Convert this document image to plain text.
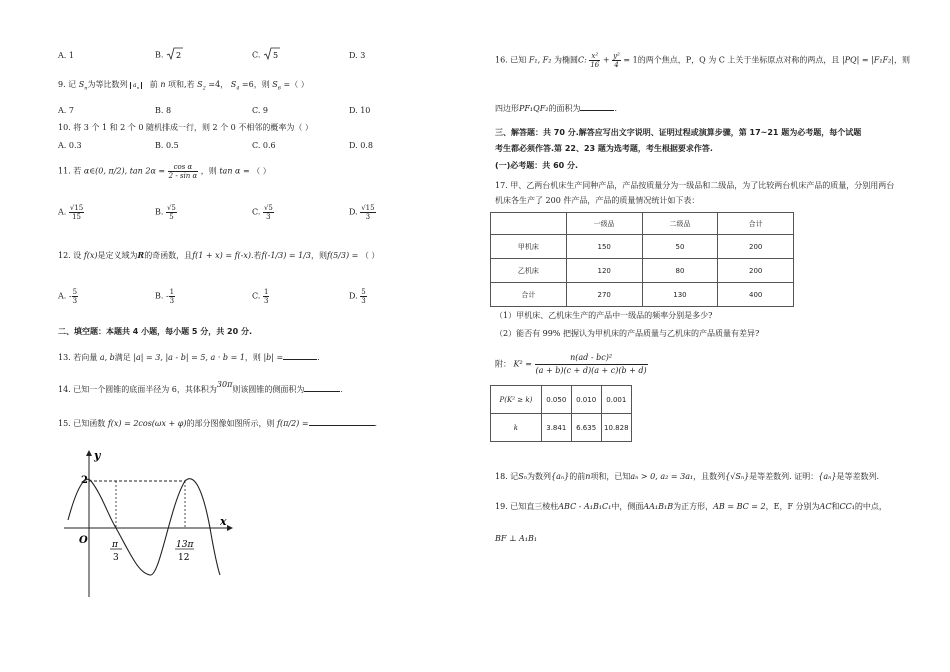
A. 1	B. 2	C. 5	D. 3
9. 记 $S_n$为等比数列 $a_n$ 前 n 项和,若 $S_2 =4$， $S_4 =6$，则 $S_6$ =（ ）
A. 7	B. 8	C. 9	D. 10
10. 将 3 个 1 和 2 个 0 随机排成一行，则 2 个 0 不相邻的概率为（ ）
A. 0.3	B. 0.5	C. 0.6	D. 0.8
11. 若 α∈(0, π/2), $\tan 2\alpha = \frac{\text{cos α}}{\text{2 - sin α}}$ ，则 tan α = （ ）
A. $\frac{√15}{15}$	B. $\frac{√5}{5}$	C. $\frac{√5}{3}$	D. $\frac{√15}{3}$
12. 设 f(x)是定义域为R的奇函数，且f(1 + x) = f(-x).若f(-1/3) = 1/3，则f(5/3) = （ ）
A. - $\frac{5}{3}$	B. - $\frac{1}{3}$	C. $\frac{1}{3}$	D. $\frac{5}{3}$
二、填空题：本题共 4 小题，每小题 5 分，共 20 分.
13. 若向量 a, b满足 |a| = 3, |a - b| = 5, a · b = 1，则 |b| =	.
14. 已知一个圆锥的底面半径为 6，其体积为30π则该圆锥的侧面积为	.
15. 已知函数 f(x) = 2cos(ωx + φ)的部分图像如图所示，则 f(π/2) =	.
y
x
O
2
π
3
13π
12
16. 已知 F₁, F₂ 为椭圆C: $\frac{\text{x²}}{16} + \frac{\text{y²}}{4} = 1$的两个焦点，P，Q 为 C 上关于坐标原点对称的两点，且 |PQ| = |F₁F₂|，则
四边形PF₁QF₂的面积为	.
三、解答题：共 70 分.解答应写出文字说明、证明过程或演算步骤，第 17~21 题为必考题，每个试题
考生都必须作答.第 22、23 题为选考题，考生根据要求作答.
(一)必考题：共 60 分.
17. 甲、乙两台机床生产同种产品，产品按质量分为一级品和二级品，为了比较两台机床产品的质量，分别用两台
机床各生产了 200 件产品，产品的质量情况统计如下表：
	一级品	二级品	合计
甲机床	150	50	200
乙机床	120	80	200
合计	270	130	400
（1）甲机床、乙机床生产的产品中一级品的频率分别是多少?
（2）能否有 99% 把握认为甲机床的产品质量与乙机床的产品质量有差异?
附： $K^2 = \frac{\text{n(ad - bc)²}}{(a + b)(c + d)(a + c)(b + d)}$
P(K² ≥ k)	0.050	0.010	0.001
k	3.841	6.635	10.828
18. 记Sₙ为数列{aₙ}的前n项和，已知aₙ > 0, a₂ = 3a₁，且数列{√Sₙ}是等差数列. 证明：{aₙ}是等差数列.
19. 已知直三棱柱ABC - A₁B₁C₁中，侧面AA₁B₁B为正方形，AB = BC = 2，E，F 分别为AC和CC₁的中点，
BF ⊥ A₁B₁
